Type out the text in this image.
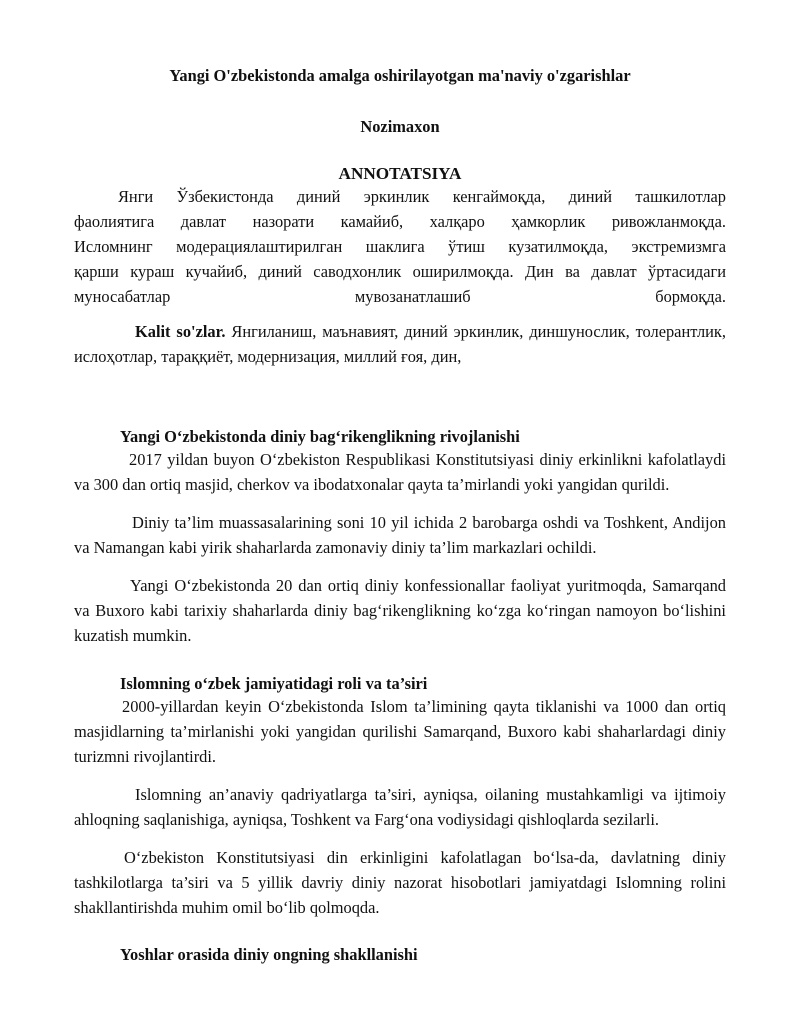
Yangi O'zbekistonda amalga oshirilayotgan ma'naviy o'zgarishlar

Nozimaxon

ANNOTATSIYA

Янги Ўзбекистонда диний эркинлик кенгаймоқда, диний ташкилотлар

фаолиятига давлат назорати камайиб, халқаро ҳамкорлик ривожланмоқда.

Исломнинг модерациялаштирилган шаклига ўтиш кузатилмоқда, экстремизмга

қарши кураш кучайиб, диний саводхонлик оширилмоқда. Дин ва давлат ўртасидаги

муносабатлар мувозанатлашиб бормоқда.

Kalit so'zlar. Янгиланиш, маънавият, диний эркинлик, диншунослик, толерантлик, ислоҳотлар, тараққиёт, модернизация, миллий ғоя, дин,

Yangi O‘zbekistonda diniy bag‘rikenglikning rivojlanishi

2017 yildan buyon O‘zbekiston Respublikasi Konstitutsiyasi diniy erkinlikni kafolatlaydi va 300 dan ortiq masjid, cherkov va ibodatxonalar qayta ta’mirlandi yoki yangidan qurildi.

Diniy ta’lim muassasalarining soni 10 yil ichida 2 barobarga oshdi va Toshkent, Andijon va Namangan kabi yirik shaharlarda zamonaviy diniy ta’lim markazlari ochildi.

Yangi O‘zbekistonda 20 dan ortiq diniy konfessionallar faoliyat yuritmoqda, Samarqand va Buxoro kabi tarixiy shaharlarda diniy bag‘rikenglikning ko‘zga ko‘ringan namoyon bo‘lishini kuzatish mumkin.

Islomning o‘zbek jamiyatidagi roli va ta’siri

2000-yillardan keyin O‘zbekistonda Islom ta’limining qayta tiklanishi va 1000 dan ortiq masjidlarning ta’mirlanishi yoki yangidan qurilishi Samarqand, Buxoro kabi shaharlardagi diniy turizmni rivojlantirdi.

Islomning an’anaviy qadriyatlarga ta’siri, ayniqsa, oilaning mustahkamligi va ijtimoiy ahloqning saqlanishiga, ayniqsa, Toshkent va Farg‘ona vodiysidagi qishloqlarda sezilarli.

O‘zbekiston Konstitutsiyasi din erkinligini kafolatlagan bo‘lsa-da, davlatning diniy tashkilotlarga ta’siri va 5 yillik davriy diniy nazorat hisobotlari jamiyatdagi Islomning rolini shakllantirishda muhim omil bo‘lib qolmoqda.

Yoshlar orasida diniy ongning shakllanishi
